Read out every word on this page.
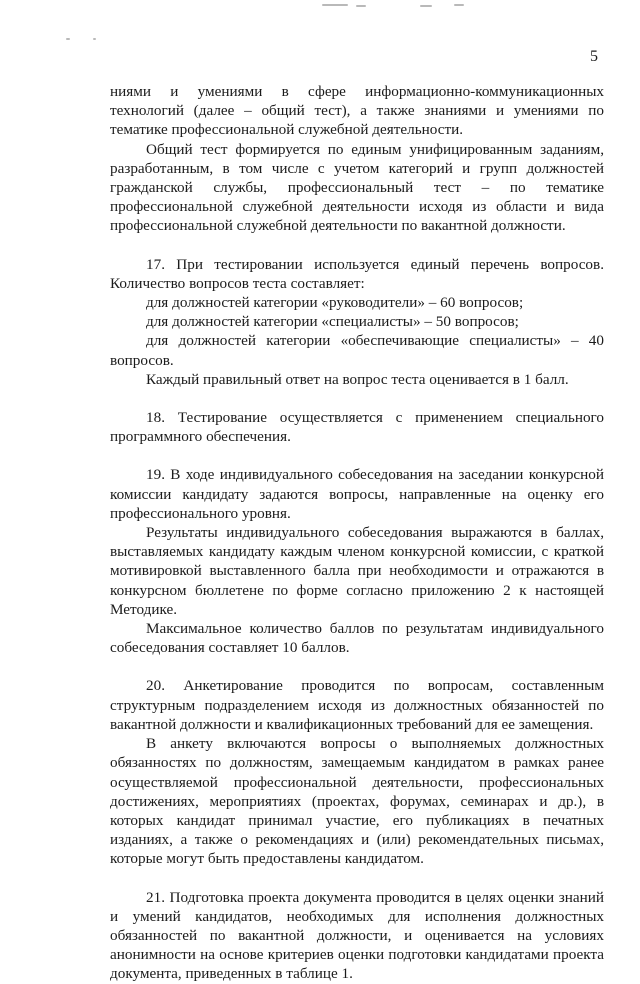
5

ниями и умениями в сфере информационно-коммуникационных технологий (далее – общий тест), а также знаниями и умениями по тематике профессиональной служебной деятельности.

Общий тест формируется по единым унифицированным заданиям, разработанным, в том числе с учетом категорий и групп должностей гражданской службы, профессиональный тест – по тематике профессиональной служебной деятельности исходя из области и вида профессиональной служебной деятельности по вакантной должности.

17. При тестировании используется единый перечень вопросов. Количество вопросов теста составляет:

для должностей категории «руководители» – 60 вопросов;

для должностей категории «специалисты» – 50 вопросов;

для должностей категории «обеспечивающие специалисты» – 40 вопросов.

Каждый правильный ответ на вопрос теста оценивается в 1 балл.

18. Тестирование осуществляется с применением специального программного обеспечения.

19. В ходе индивидуального собеседования на заседании конкурсной комиссии кандидату задаются вопросы, направленные на оценку его профессионального уровня.

Результаты индивидуального собеседования выражаются в баллах, выставляемых кандидату каждым членом конкурсной комиссии, с краткой мотивировкой выставленного балла при необходимости и отражаются в конкурсном бюллетене по форме согласно приложению 2 к настоящей Методике.

Максимальное количество баллов по результатам индивидуального собеседования составляет 10 баллов.

20. Анкетирование проводится по вопросам, составленным структурным подразделением исходя из должностных обязанностей по вакантной должности и квалификационных требований для ее замещения.

В анкету включаются вопросы о выполняемых должностных обязанностях по должностям, замещаемым кандидатом в рамках ранее осуществляемой профессиональной деятельности, профессиональных достижениях, мероприятиях (проектах, форумах, семинарах и др.), в которых кандидат принимал участие, его публикациях в печатных изданиях, а также о рекомендациях и (или) рекомендательных письмах, которые могут быть предоставлены кандидатом.

21. Подготовка проекта документа проводится в целях оценки знаний и умений кандидатов, необходимых для исполнения должностных обязанностей по вакантной должности, и оценивается на условиях анонимности на основе критериев оценки подготовки кандидатами проекта документа, приведенных в таблице 1.
